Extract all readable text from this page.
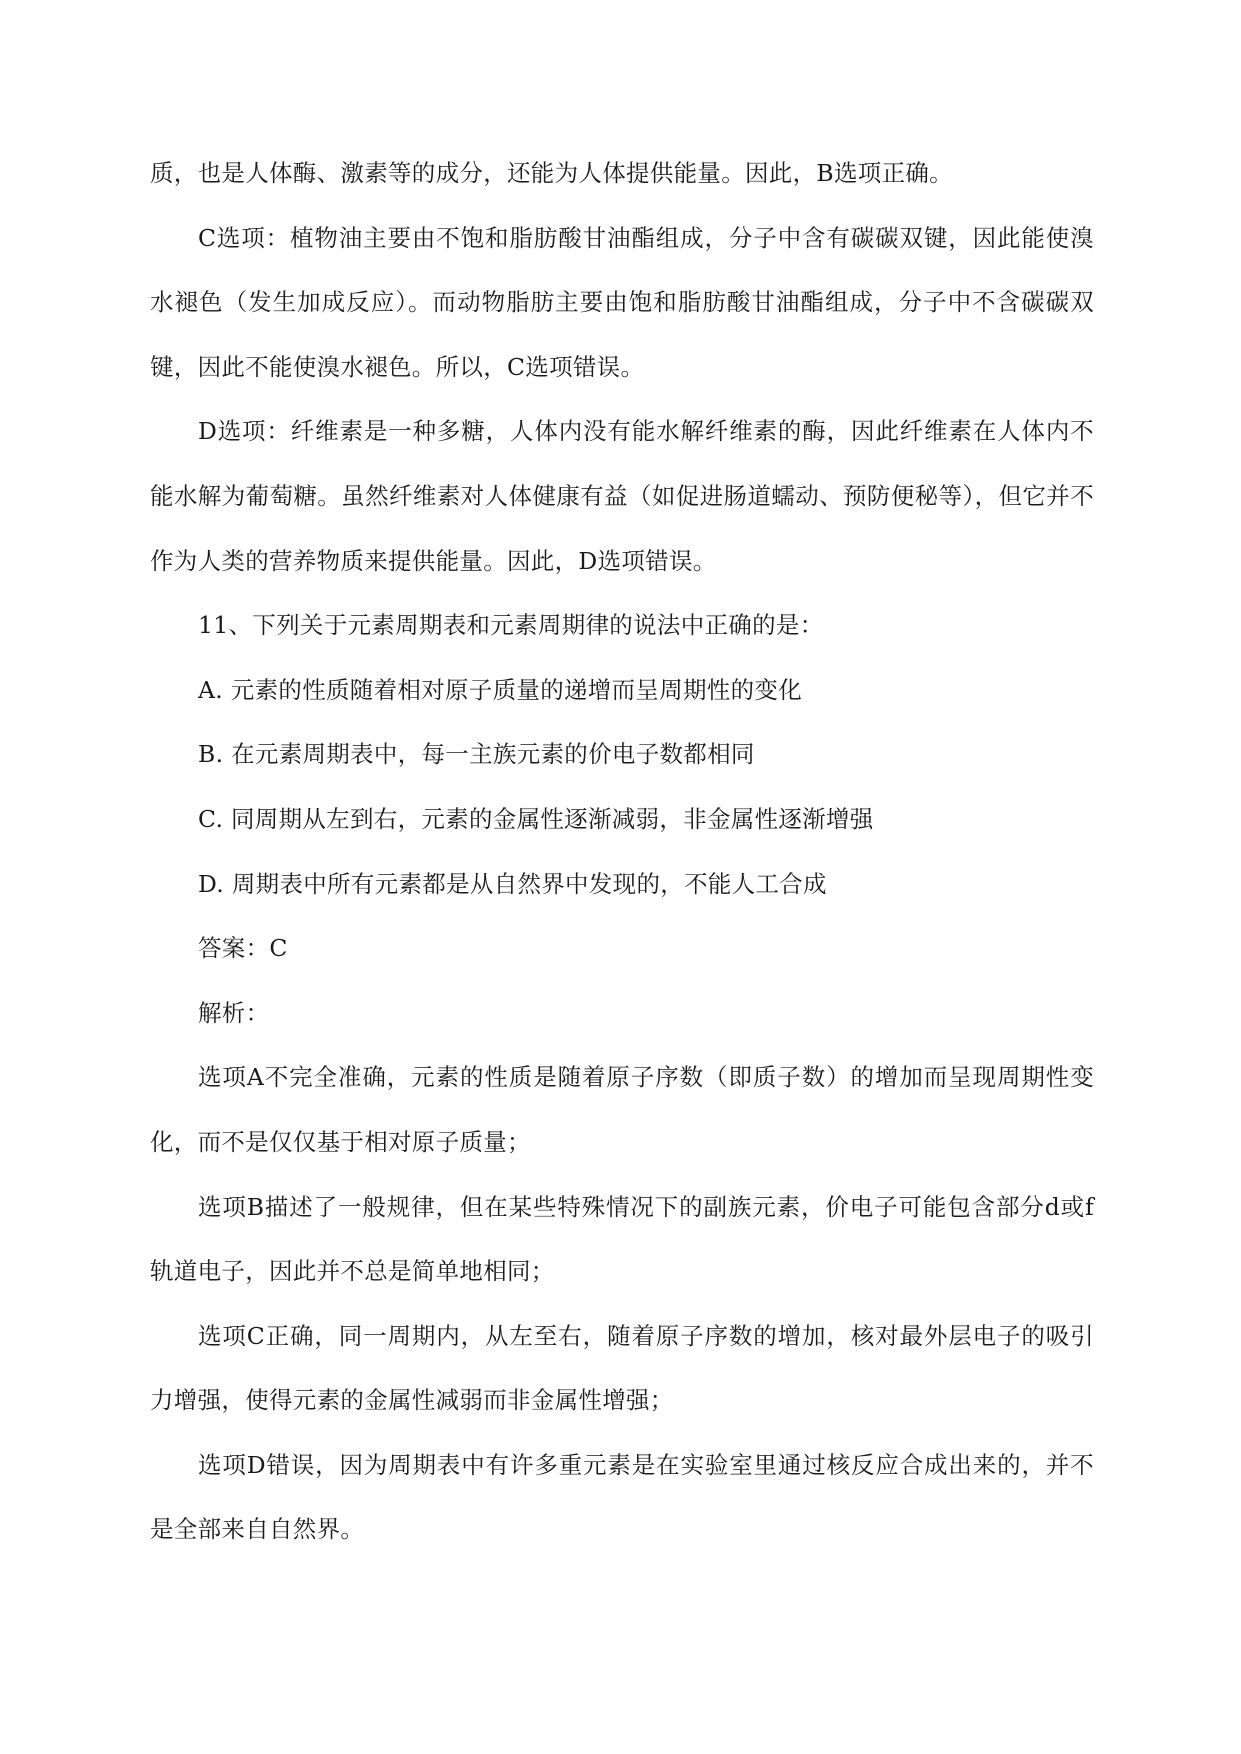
质，也是人体酶、激素等的成分，还能为人体提供能量。因此，B选项正确。

C选项：植物油主要由不饱和脂肪酸甘油酯组成，分子中含有碳碳双键，因此能使溴水褪色（发生加成反应）。而动物脂肪主要由饱和脂肪酸甘油酯组成，分子中不含碳碳双键，因此不能使溴水褪色。所以，C选项错误。

D选项：纤维素是一种多糖，人体内没有能水解纤维素的酶，因此纤维素在人体内不能水解为葡萄糖。虽然纤维素对人体健康有益（如促进肠道蠕动、预防便秘等），但它并不作为人类的营养物质来提供能量。因此，D选项错误。

11、下列关于元素周期表和元素周期律的说法中正确的是：

A. 元素的性质随着相对原子质量的递增而呈周期性的变化

B. 在元素周期表中，每一主族元素的价电子数都相同

C. 同周期从左到右，元素的金属性逐渐减弱，非金属性逐渐增强

D. 周期表中所有元素都是从自然界中发现的，不能人工合成

答案：C

解析：

选项A不完全准确，元素的性质是随着原子序数（即质子数）的增加而呈现周期性变化，而不是仅仅基于相对原子质量；

选项B描述了一般规律，但在某些特殊情况下的副族元素，价电子可能包含部分d或f轨道电子，因此并不总是简单地相同；

选项C正确，同一周期内，从左至右，随着原子序数的增加，核对最外层电子的吸引力增强，使得元素的金属性减弱而非金属性增强；

选项D错误，因为周期表中有许多重元素是在实验室里通过核反应合成出来的，并不是全部来自自然界。
